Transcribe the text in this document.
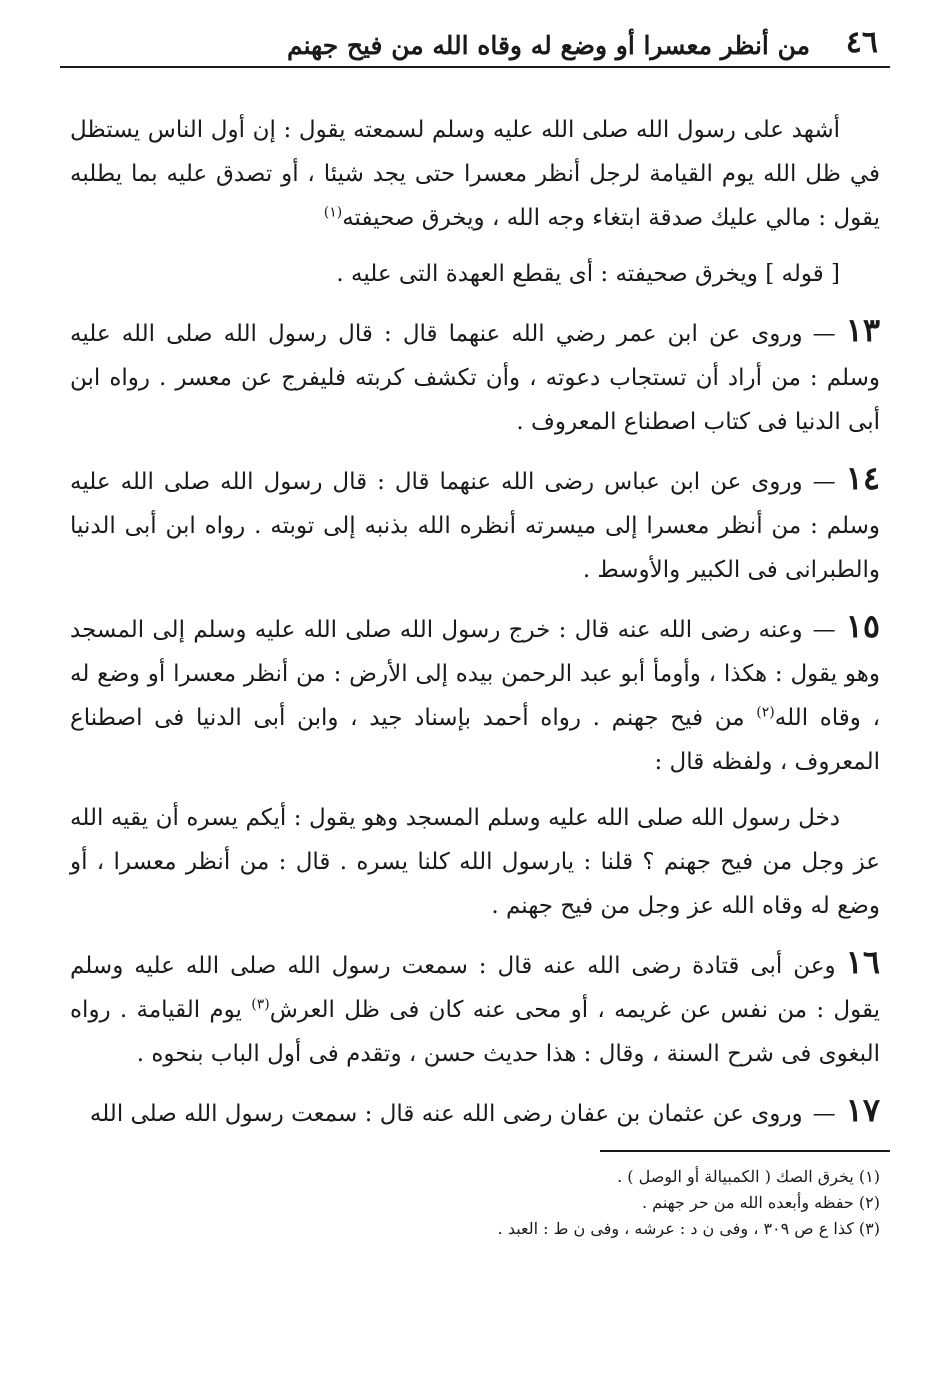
٤٦
من أنظر معسرا أو وضع له وقاه الله من فيح جهنم

أشهد على رسول الله صلى الله عليه وسلم لسمعته يقول : إن أول الناس يستظل في ظل الله يوم القيامة لرجل أنظر معسرا حتى يجد شيئا ، أو تصدق عليه بما يطلبه يقول : مالي عليك صدقة ابتغاء وجه الله ، ويخرق صحيفته$^{(١)}$

[ قوله ] ويخرق صحيفته : أى يقطع العهدة التى عليه .

١٣—وروى عن ابن عمر رضي الله عنهما قال : قال رسول الله صلى الله عليه وسلم : من أراد أن تستجاب دعوته ، وأن تكشف كربته فليفرج عن معسر . رواه ابن أبى الدنيا فى كتاب اصطناع المعروف .

١٤—وروى عن ابن عباس رضى الله عنهما قال : قال رسول الله صلى الله عليه وسلم : من أنظر معسرا إلى ميسرته أنظره الله بذنبه إلى توبته . رواه ابن أبى الدنيا والطبرانى فى الكبير والأوسط .

١٥—وعنه رضى الله عنه قال : خرج رسول الله صلى الله عليه وسلم إلى المسجد وهو يقول : هكذا ، وأومأ أبو عبد الرحمن بيده إلى الأرض : من أنظر معسرا أو وضع له ، وقاه الله$^{(٢)}$ من فيح جهنم . رواه أحمد بإسناد جيد ، وابن أبى الدنيا فى اصطناع المعروف ، ولفظه قال :

دخل رسول الله صلى الله عليه وسلم المسجد وهو يقول : أيكم يسره أن يقيه الله عز وجل من فيح جهنم ؟ قلنا : يارسول الله كلنا يسره . قال : من أنظر معسرا ، أو وضع له وقاه الله عز وجل من فيح جهنم .

١٦وعن أبى قتادة رضى الله عنه قال : سمعت رسول الله صلى الله عليه وسلم يقول : من نفس عن غريمه ، أو محى عنه كان فى ظل العرش$^{(٣)}$ يوم القيامة . رواه البغوى فى شرح السنة ، وقال : هذا حديث حسن ، وتقدم فى أول الباب بنحوه .

١٧—وروى عن عثمان بن عفان رضى الله عنه قال : سمعت رسول الله صلى الله

(١) يخرق الصك ( الكمبيالة أو الوصل ) .

(٢) حفظه وأبعده الله من حر جهنم .

(٣) كذا ع ص ٣٠٩ ، وفى ن د : عرشه ، وفى ن ط : العبد .
